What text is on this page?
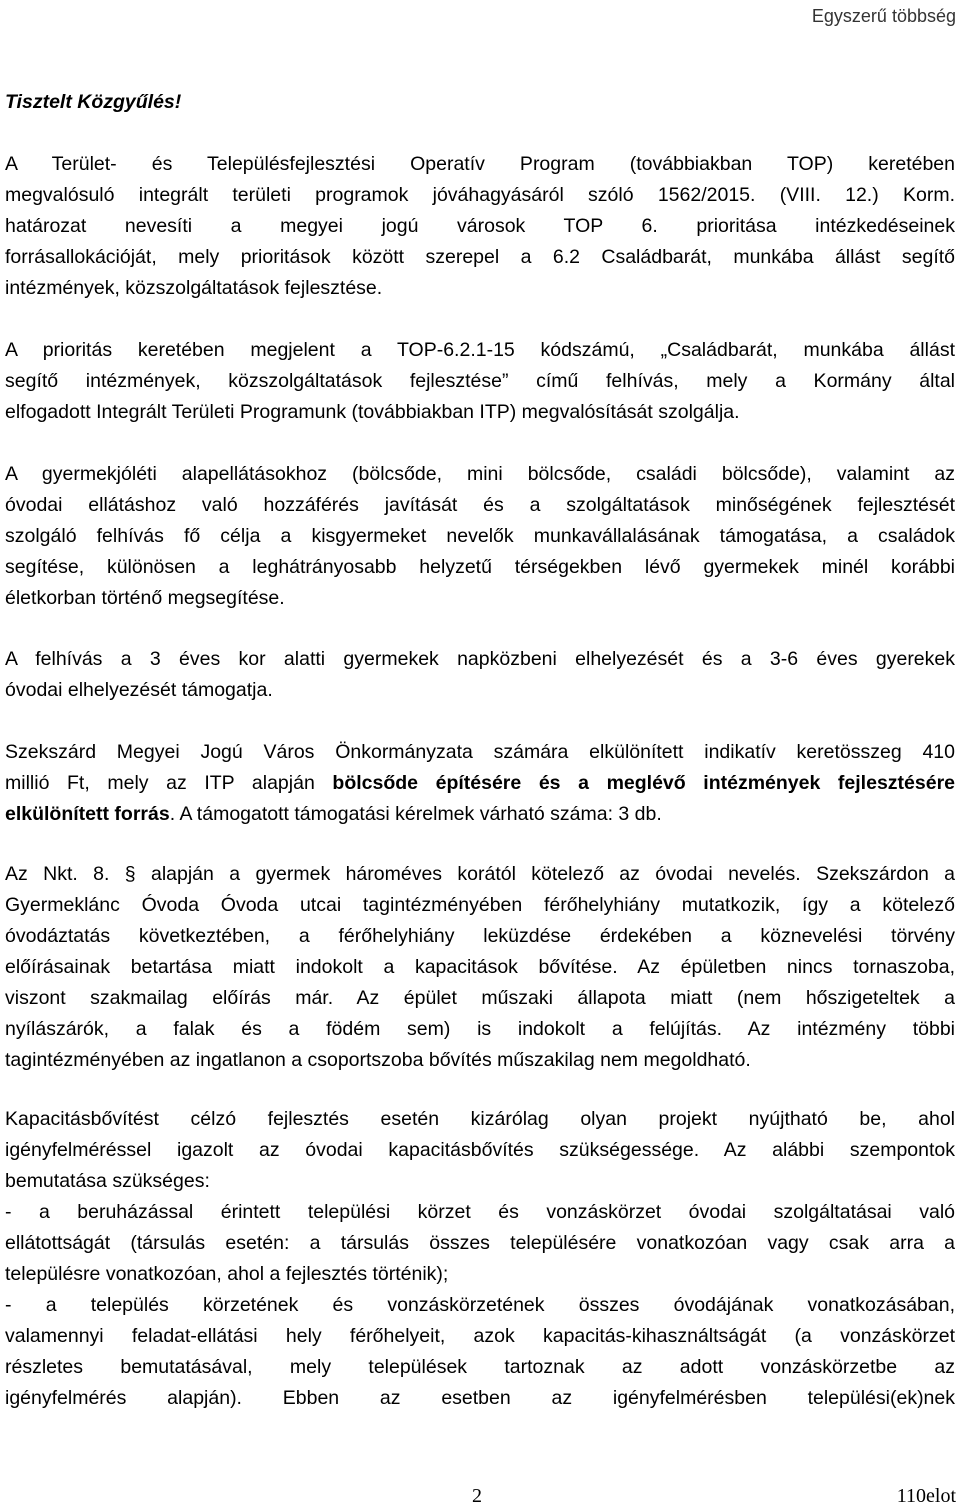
Egyszerű többség
Tisztelt Közgyűlés!
A Terület- és Településfejlesztési Operatív Program (továbbiakban TOP) keretében
megvalósuló integrált területi programok jóváhagyásáról szóló 1562/2015. (VIII. 12.) Korm.
határozat nevesíti a megyei jogú városok TOP 6. prioritása intézkedéseinek
forrásallokációját, mely prioritások között szerepel a 6.2 Családbarát, munkába állást segítő
intézmények, közszolgáltatások fejlesztése.
A prioritás keretében megjelent a TOP-6.2.1-15 kódszámú, „Családbarát, munkába állást
segítő intézmények, közszolgáltatások fejlesztése” című felhívás, mely a Kormány által
elfogadott Integrált Területi Programunk (továbbiakban ITP) megvalósítását szolgálja.
A gyermekjóléti alapellátásokhoz (bölcsőde, mini bölcsőde, családi bölcsőde), valamint az
óvodai ellátáshoz való hozzáférés javítását és a szolgáltatások minőségének fejlesztését
szolgáló felhívás fő célja a kisgyermeket nevelők munkavállalásának támogatása, a családok
segítése, különösen a leghátrányosabb helyzetű térségekben lévő gyermekek minél korábbi
életkorban történő megsegítése.
A felhívás a 3 éves kor alatti gyermekek napközbeni elhelyezését és a 3-6 éves gyerekek
óvodai elhelyezését támogatja.
Szekszárd Megyei Jogú Város Önkormányzata számára elkülönített indikatív keretösszeg 410
millió Ft, mely az ITP alapján bölcsőde építésére és a meglévő intézmények fejlesztésére
elkülönített forrás. A támogatott támogatási kérelmek várható száma: 3 db.
Az Nkt. 8. § alapján a gyermek hároméves korától kötelező az óvodai nevelés. Szekszárdon a
Gyermeklánc Óvoda Óvoda utcai tagintézményében férőhelyhiány mutatkozik, így a kötelező
óvodáztatás következtében, a férőhelyhiány leküzdése érdekében a köznevelési törvény
előírásainak betartása miatt indokolt a kapacitások bővítése. Az épületben nincs tornaszoba,
viszont szakmailag előírás már. Az épület műszaki állapota miatt (nem hőszigeteltek a
nyílászárók, a falak és a födém sem) is indokolt a felújítás. Az intézmény többi
tagintézményében az ingatlanon a csoportszoba bővítés műszakilag nem megoldható.
Kapacitásbővítést célzó fejlesztés esetén kizárólag olyan projekt nyújtható be, ahol
igényfelméréssel igazolt az óvodai kapacitásbővítés szükségessége. Az alábbi szempontok
bemutatása szükséges:
- a beruházással érintett települési körzet és vonzáskörzet óvodai szolgáltatásai való
ellátottságát (társulás esetén: a társulás összes településére vonatkozóan vagy csak arra a
településre vonatkozóan, ahol a fejlesztés történik);
- a település körzetének és vonzáskörzetének összes óvodájának vonatkozásában,
valamennyi feladat-ellátási hely férőhelyeit, azok kapacitás-kihasználtságát (a vonzáskörzet
részletes bemutatásával, mely települések tartoznak az adott vonzáskörzetbe az
igényfelmérés alapján). Ebben az esetben az igényfelmérésben települési(ek)nek
2	110elot
